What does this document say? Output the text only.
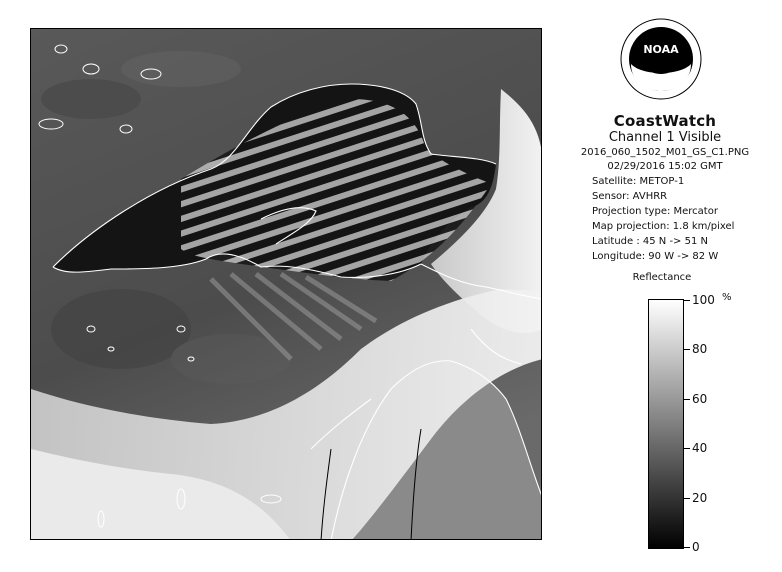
NOAA
CoastWatch
Channel 1 Visible
2016_060_1502_M01_GS_C1.PNG
02/29/2016 15:02 GMT
Satellite: METOP-1
Sensor: AVHRR
Projection type: Mercator
Map projection: 1.8 km/pixel
Latitude : 45 N -> 51 N
Longitude: 90 W -> 82 W
Reflectance
%
100
80
60
40
20
0
